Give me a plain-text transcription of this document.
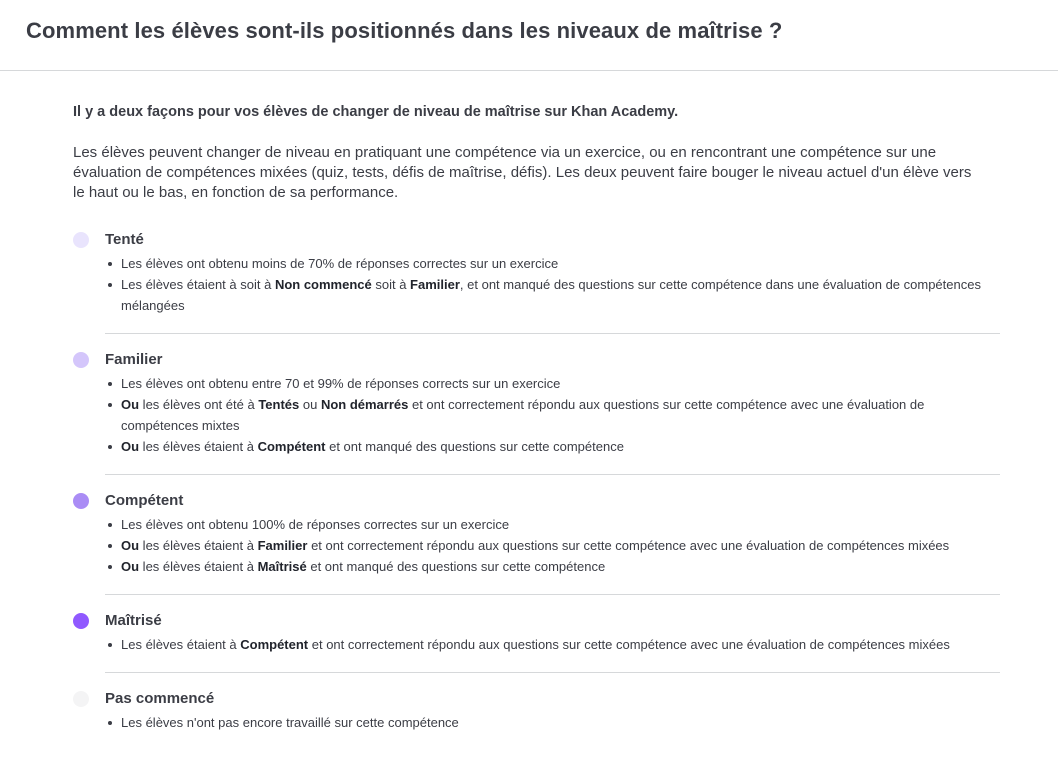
Comment les élèves sont-ils positionnés dans les niveaux de maîtrise ?

Il y a deux façons pour vos élèves de changer de niveau de maîtrise sur Khan Academy.

Les élèves peuvent changer de niveau en pratiquant une compétence via un exercice, ou en rencontrant une compétence sur une évaluation de compétences mixées (quiz, tests, défis de maîtrise, défis). Les deux peuvent faire bouger le niveau actuel d'un élève vers le haut ou le bas, en fonction de sa performance.

Tenté
Les élèves ont obtenu moins de 70% de réponses correctes sur un exercice
Les élèves étaient à soit à Non commencé soit à Familier, et ont manqué des questions sur cette compétence dans une évaluation de compétences mélangées
Familier
Les élèves ont obtenu entre 70 et 99% de réponses corrects sur un exercice
Ou les élèves ont été à Tentés ou Non démarrés et ont correctement répondu aux questions sur cette compétence avec une évaluation de compétences mixtes
Ou les élèves étaient à Compétent et ont manqué des questions sur cette compétence
Compétent
Les élèves ont obtenu 100% de réponses correctes sur un exercice
Ou les élèves étaient à Familier et ont correctement répondu aux questions sur cette compétence avec une évaluation de compétences mixées
Ou les élèves étaient à Maîtrisé et ont manqué des questions sur cette compétence
Maîtrisé
Les élèves étaient à Compétent et ont correctement répondu aux questions sur cette compétence avec une évaluation de compétences mixées
Pas commencé
Les élèves n'ont pas encore travaillé sur cette compétence
